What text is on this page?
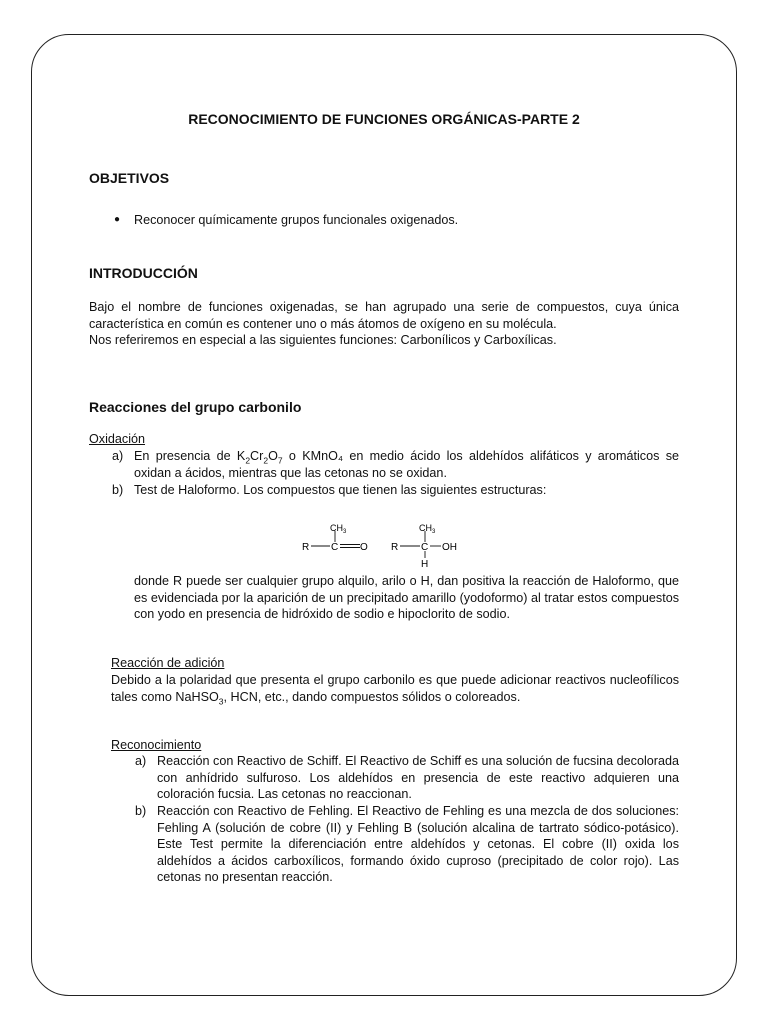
RECONOCIMIENTO DE FUNCIONES ORGÁNICAS-PARTE 2
OBJETIVOS
● Reconocer químicamente grupos funcionales oxigenados.
INTRODUCCIÓN
Bajo el nombre de funciones oxigenadas, se han agrupado una serie de compuestos, cuya única característica en común es contener uno o más átomos de oxígeno en su molécula.
Nos referiremos en especial a las siguientes funciones: Carbonílicos y Carboxílicas.
Reacciones del grupo carbonilo
Oxidación
a) En presencia de $K_2Cr_2O_7$ o KMnO₄ en medio ácido los aldehídos alifáticos y aromáticos se oxidan a ácidos, mientras que las cetonas no se oxidan.
b) Test de Haloformo. Los compuestos que tienen las siguientes estructuras:
R C
$CH_3$
O R C
$CH_3$
OH
H
donde R puede ser cualquier grupo alquilo, arilo o H, dan positiva la reacción de Haloformo, que es evidenciada por la aparición de un precipitado amarillo (yodoformo) al tratar estos compuestos con yodo en presencia de hidróxido de sodio e hipoclorito de sodio.
Reacción de adición
Debido a la polaridad que presenta el grupo carbonilo es que puede adicionar reactivos nucleofílicos tales como NaHSO$_3$, HCN, etc., dando compuestos sólidos o coloreados.
Reconocimiento
a) Reacción con Reactivo de Schiff. El Reactivo de Schiff es una solución de fucsina decolorada con anhídrido sulfuroso. Los aldehídos en presencia de este reactivo adquieren una coloración fucsia. Las cetonas no reaccionan.
b) Reacción con Reactivo de Fehling. El Reactivo de Fehling es una mezcla de dos soluciones: Fehling A (solución de cobre (II) y Fehling B (solución alcalina de tartrato sódico-potásico). Este Test permite la diferenciación entre aldehídos y cetonas. El cobre (II) oxida los aldehídos a ácidos carboxílicos, formando óxido cuproso (precipitado de color rojo). Las cetonas no presentan reacción.
